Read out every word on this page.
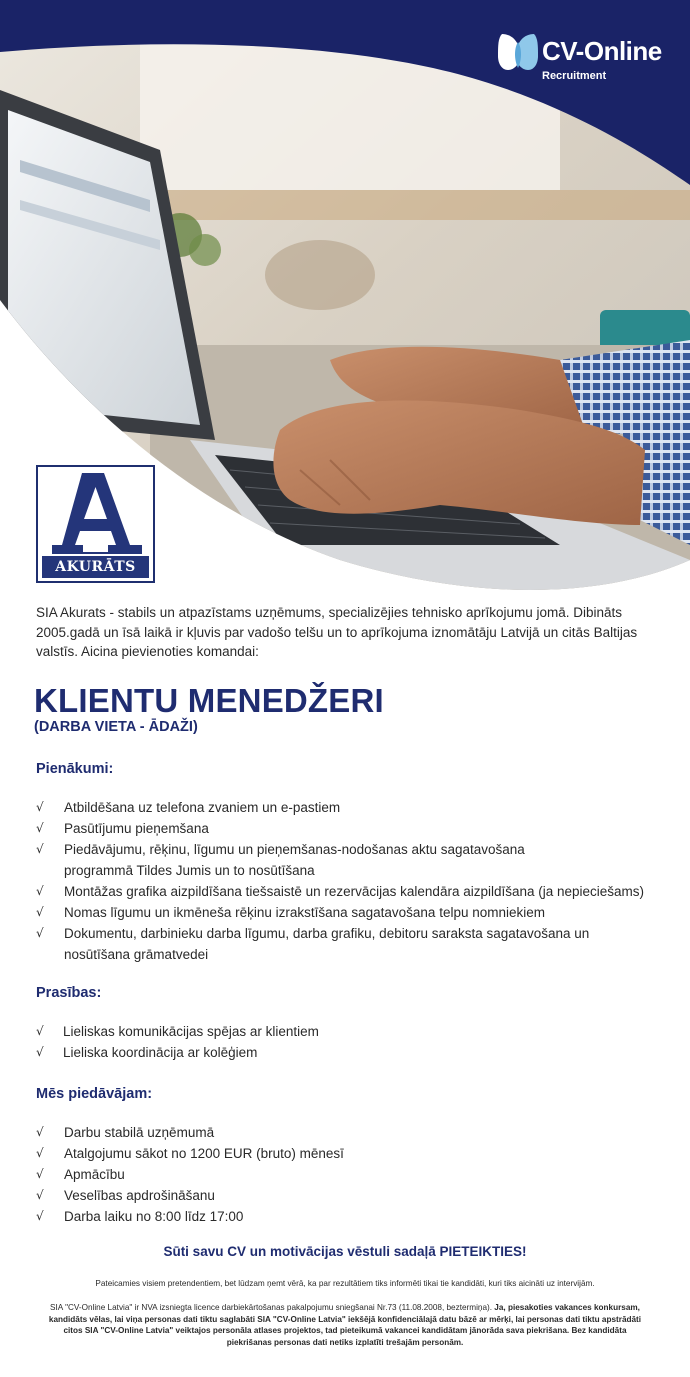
CV-Online
Recruitment
AKURĀTS

SIA Akurats - stabils un atpazīstams uzņēmums, specializējies tehnisko aprīkojumu jomā. Dibināts 2005.gadā un īsā laikā ir kļuvis par vadošo telšu un to aprīkojuma iznomātāju Latvijā un citās Baltijas valstīs. Aicina pievienoties komandai:

KLIENTU MENEDŽERI
(DARBA VIETA - ĀDAŽI)
Pienākumi:
√	Atbildēšana uz telefona zvaniem un e-pastiem
√	Pasūtījumu pieņemšana
√	Piedāvājumu, rēķinu, līgumu un pieņemšanas-nodošanas aktu sagatavošana programmā Tildes Jumis un to nosūtīšana
√	Montāžas grafika aizpildīšana tiešsaistē un rezervācijas kalendāra aizpildīšana (ja nepieciešams)
√	Nomas līgumu un ikmēneša rēķinu izrakstīšana sagatavošana telpu nomniekiem
√	Dokumentu, darbinieku darba līgumu, darba grafiku, debitoru saraksta sagatavošana un nosūtīšana grāmatvedei
Prasības:
√	Lieliskas komunikācijas spējas ar klientiem
√	Lieliska koordinācija ar kolēģiem
Mēs piedāvājam:
√	Darbu stabilā uzņēmumā
√	Atalgojumu sākot no 1200 EUR (bruto) mēnesī
√	Apmācību
√	Veselības apdrošināšanu
√	Darba laiku no 8:00 līdz 17:00
Sūti savu CV un motivācijas vēstuli sadaļā PIETEIKTIES!

Pateicamies visiem pretendentiem, bet lūdzam ņemt vērā, ka par rezultātiem tiks informēti tikai tie kandidāti, kuri tiks aicināti uz intervijām.

SIA "CV-Online Latvia" ir NVA izsniegta licence darbiekārtošanas pakalpojumu sniegšanai Nr.73 (11.08.2008, beztermiņa). Ja, piesakoties vakances konkursam, kandidāts vēlas, lai viņa personas dati tiktu saglabāti SIA "CV-Online Latvia" iekšējā konfidenciālajā datu bāzē ar mērķi, lai personas dati tiktu apstrādāti citos SIA "CV-Online Latvia" veiktajos personāla atlases projektos, tad pieteikumā vakancei kandidātam jānorāda sava piekrišana. Bez kandidāta piekrišanas personas dati netiks izplatīti trešajām personām.
